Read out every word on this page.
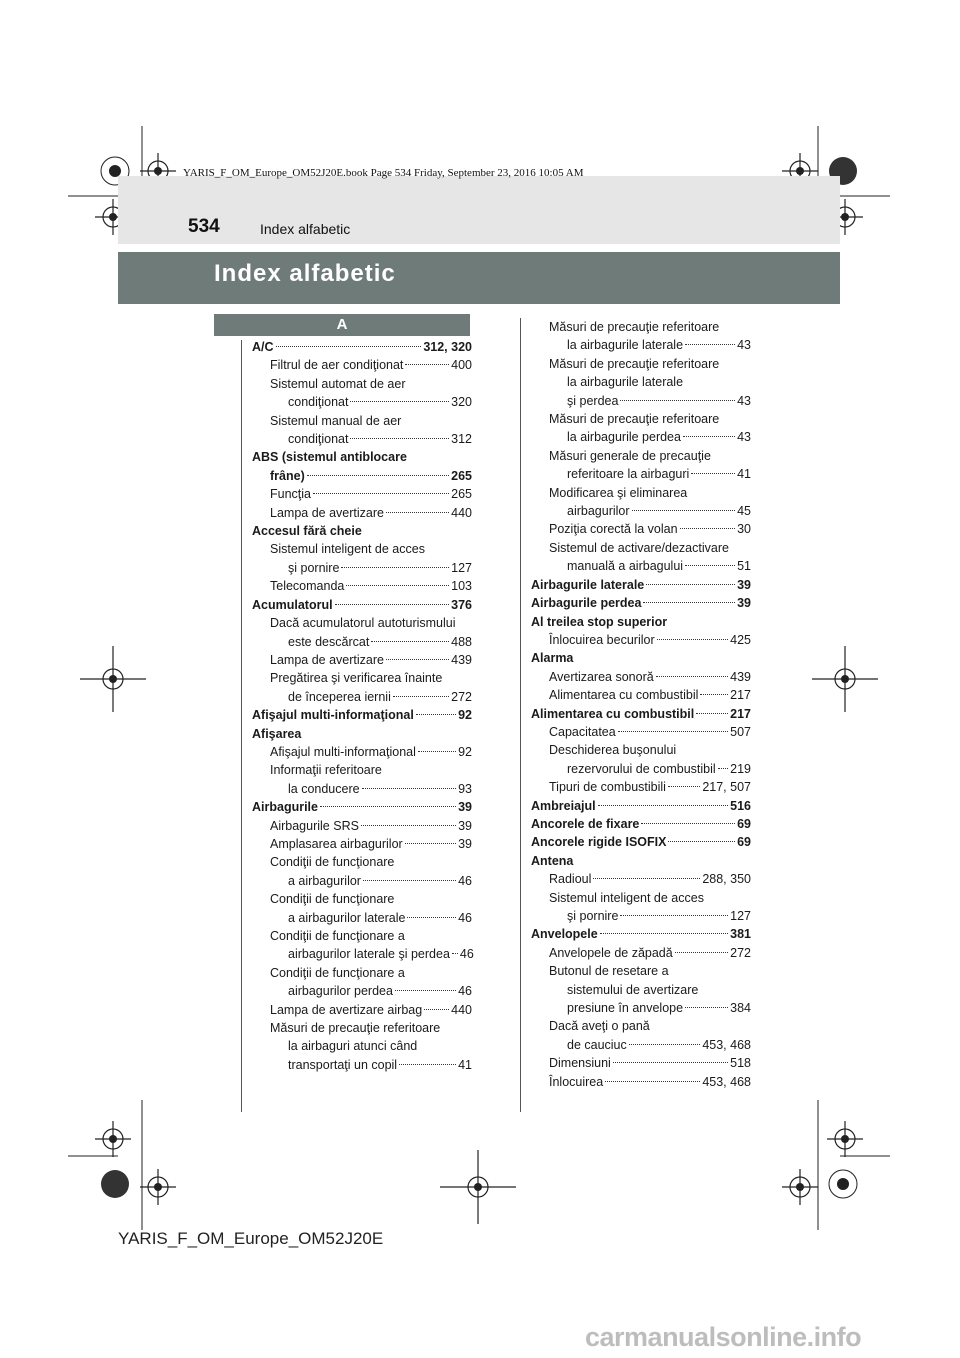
YARIS_F_OM_Europe_OM52J20E.book Page 534 Friday, September 23, 2016 10:05 AM
534	Index alfabetic
Index alfabetic
A
A/C	312, 320
Filtrul de aer condiţionat	400
Sistemul automat de aer
condiţionat	320
Sistemul manual de aer
condiţionat	312
ABS (sistemul antiblocare
frâne)	265
Funcţia	265
Lampa de avertizare	440
Accesul fără cheie
Sistemul inteligent de acces
şi pornire	127
Telecomanda	103
Acumulatorul	376
Dacă acumulatorul autoturismului
este descărcat	488
Lampa de avertizare	439
Pregătirea şi verificarea înainte
de începerea iernii	272
Afişajul multi-informaţional	92
Afişarea
Afişajul multi-informaţional	92
Informaţii referitoare
la conducere	93
Airbagurile	39
Airbagurile SRS	39
Amplasarea airbagurilor	39
Condiţii de funcţionare
a airbagurilor	46
Condiţii de funcţionare
a airbagurilor laterale	46
Condiţii de funcţionare a
airbagurilor laterale şi perdea 46
Condiţii de funcţionare a
airbagurilor perdea	46
Lampa de avertizare airbag 440
Măsuri de precauţie referitoare
la airbaguri atunci când
transportaţi un copil	41
Măsuri de precauţie referitoare
la airbagurile laterale	43
Măsuri de precauţie referitoare
la airbagurile laterale
şi perdea	43
Măsuri de precauţie referitoare
la airbagurile perdea	43
Măsuri generale de precauţie
referitoare la airbaguri	41
Modificarea şi eliminarea
airbagurilor	45
Poziţia corectă la volan	30
Sistemul de activare/dezactivare
manuală a airbagului	51
Airbagurile laterale	39
Airbagurile perdea	39
Al treilea stop superior
Înlocuirea becurilor	425
Alarma
Avertizarea sonoră	439
Alimentarea cu combustibil	217
Alimentarea cu combustibil	217
Capacitatea	507
Deschiderea buşonului
rezervorului de combustibil 219
Tipuri de combustibili	217, 507
Ambreiajul	516
Ancorele de fixare	69
Ancorele rigide ISOFIX	69
Antena
Radioul	288, 350
Sistemul inteligent de acces
şi pornire	127
Anvelopele	381
Anvelopele de zăpadă	272
Butonul de resetare a
sistemului de avertizare
presiune în anvelope	384
Dacă aveţi o pană
de cauciuc	453, 468
Dimensiuni	518
Înlocuirea	453, 468
YARIS_F_OM_Europe_OM52J20E
carmanualsonline.info
